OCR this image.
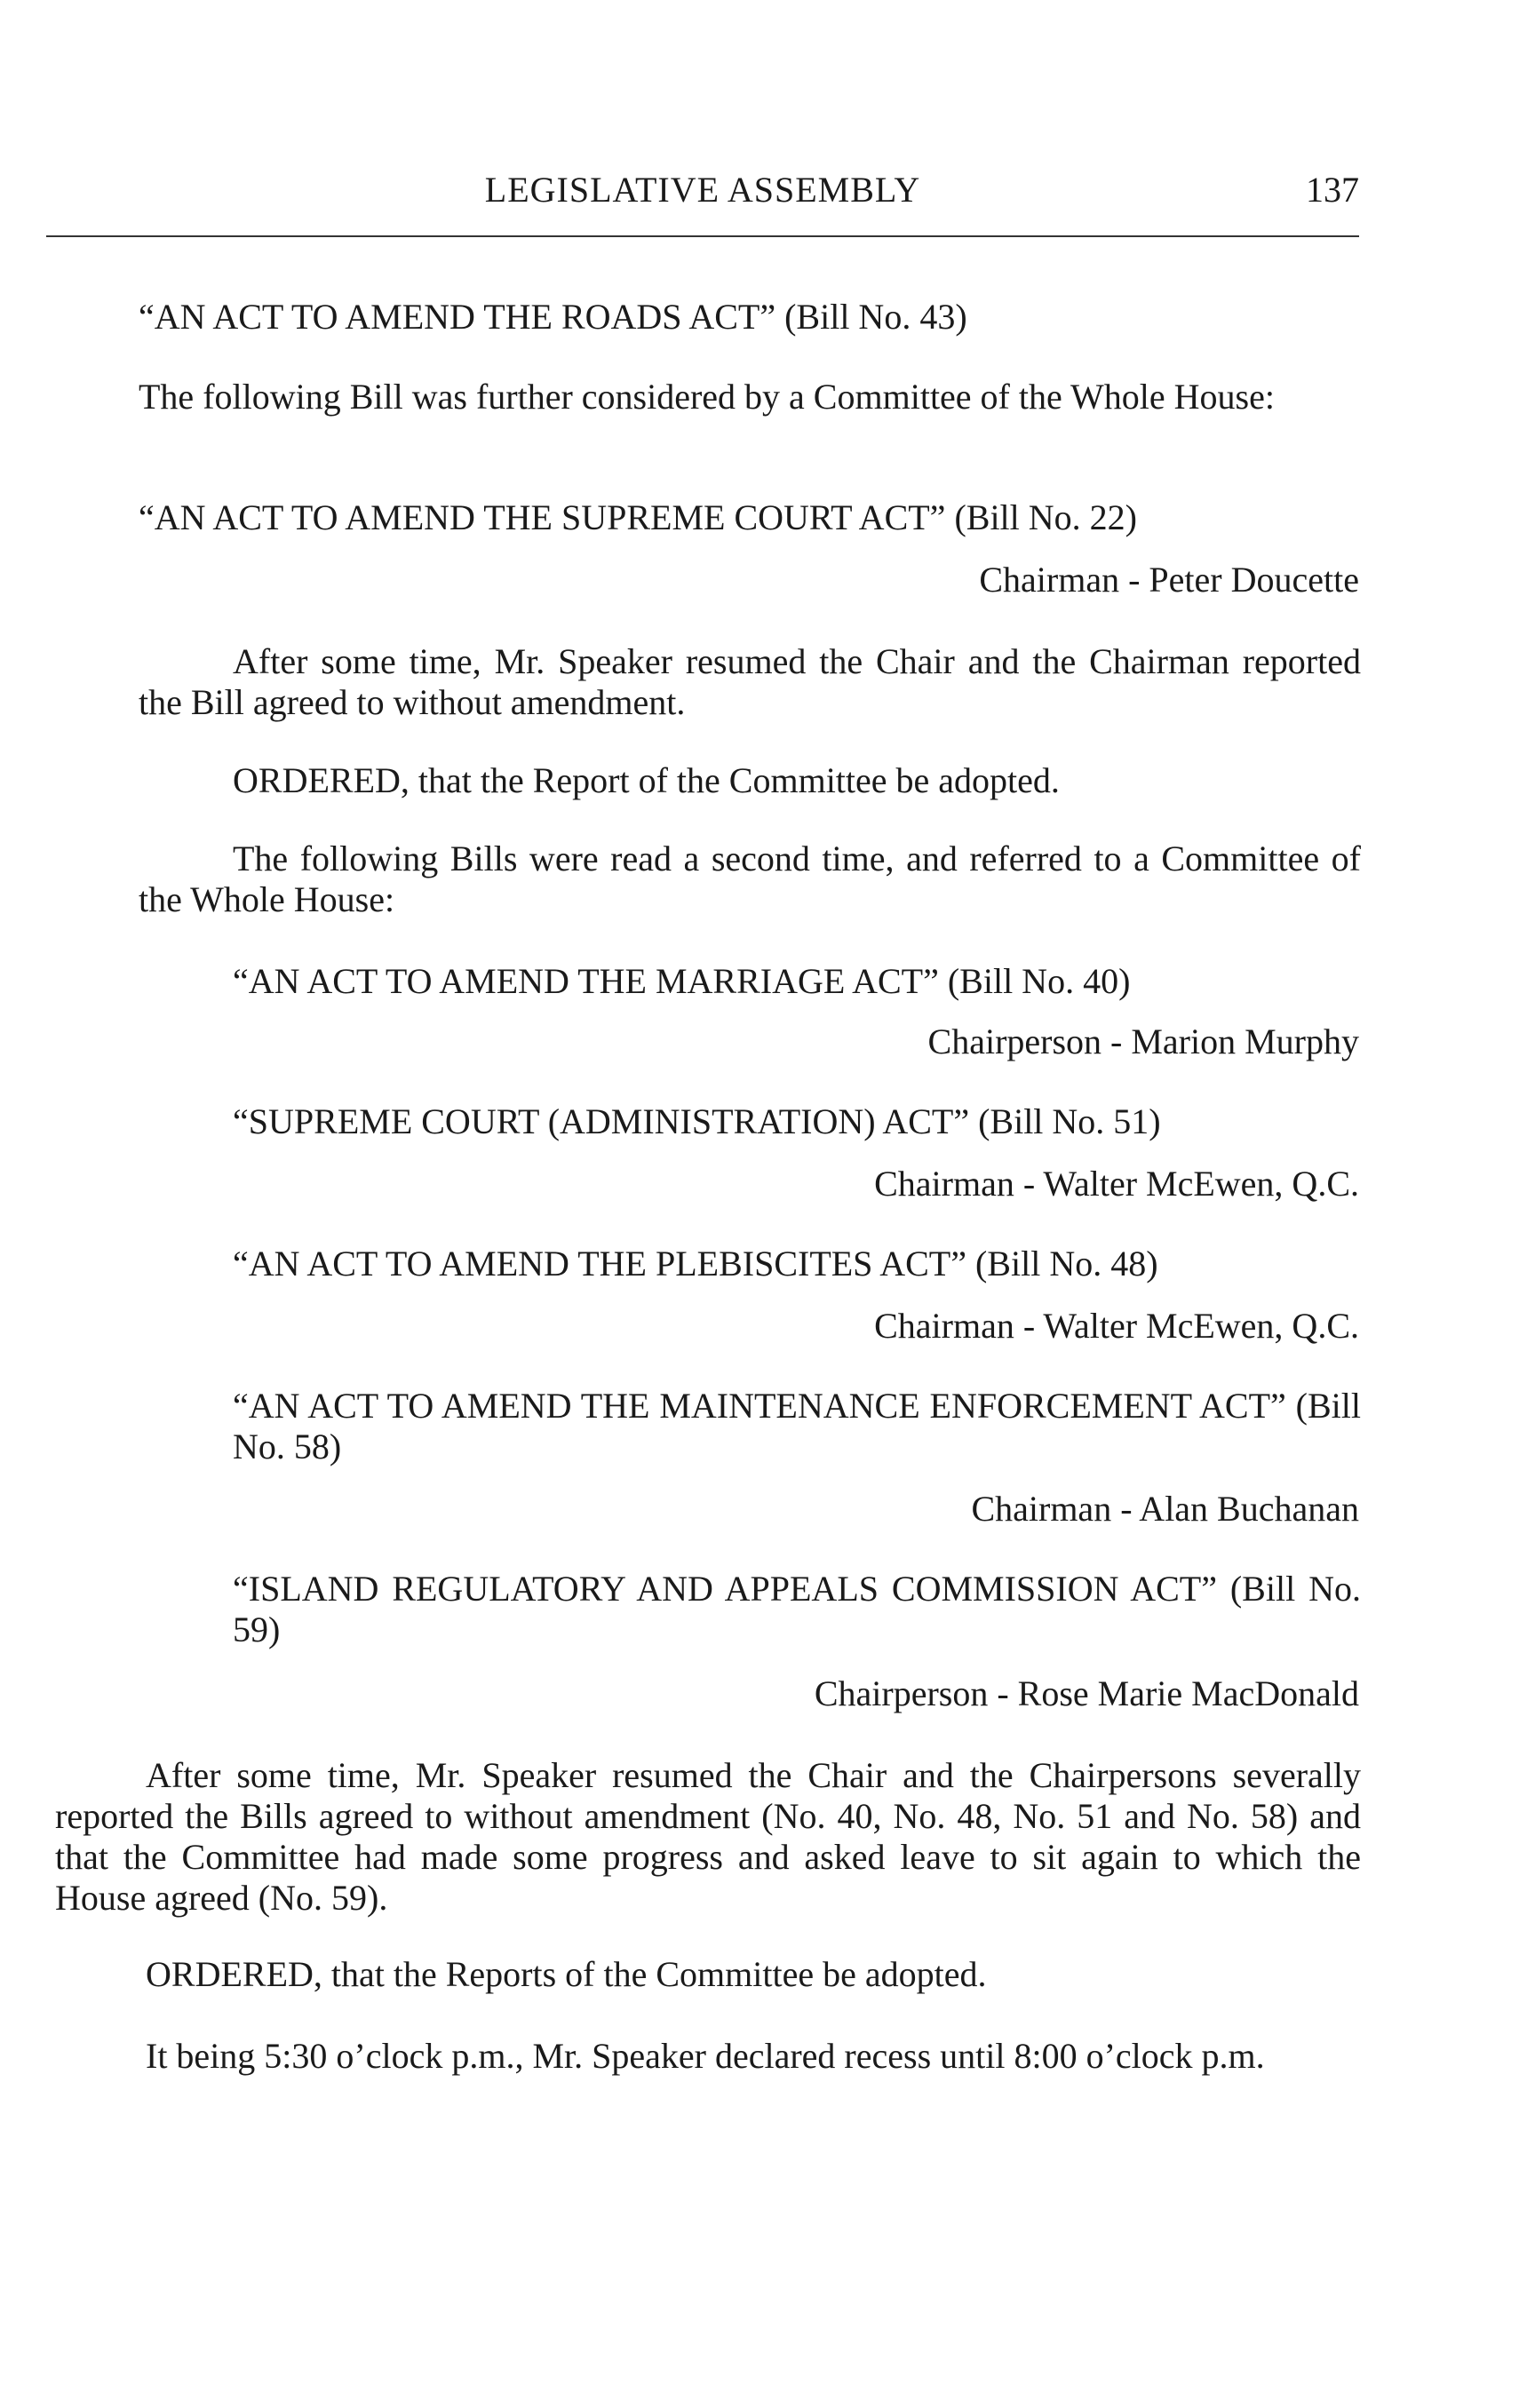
LEGISLATIVE ASSEMBLY	137
“AN ACT TO AMEND THE ROADS ACT” (Bill No. 43)
The following Bill was further considered by a Committee of the Whole House:
“AN ACT TO AMEND THE SUPREME COURT ACT” (Bill No. 22)
Chairman - Peter Doucette
After some time, Mr. Speaker resumed the Chair and the Chairman reported the Bill agreed to without amendment.
ORDERED, that the Report of the Committee be adopted.
The following Bills were read a second time, and referred to a Committee of the Whole House:
“AN ACT TO AMEND THE MARRIAGE ACT” (Bill No. 40)
Chairperson - Marion Murphy
“SUPREME COURT (ADMINISTRATION) ACT” (Bill No. 51)
Chairman - Walter McEwen, Q.C.
“AN ACT TO AMEND THE PLEBISCITES ACT” (Bill No. 48)
Chairman - Walter McEwen, Q.C.
“AN ACT TO AMEND THE MAINTENANCE ENFORCEMENT ACT” (Bill No. 58)
Chairman - Alan Buchanan
“ISLAND REGULATORY AND APPEALS COMMISSION ACT” (Bill No. 59)
Chairperson - Rose Marie MacDonald
After some time, Mr. Speaker resumed the Chair and the Chairpersons severally reported the Bills agreed to without amendment (No. 40, No. 48, No. 51 and No. 58) and that the Committee had made some progress and asked leave to sit again to which the House agreed (No. 59).
ORDERED, that the Reports of the Committee be adopted.
It being 5:30 o’clock p.m., Mr. Speaker declared recess until 8:00 o’clock p.m.
